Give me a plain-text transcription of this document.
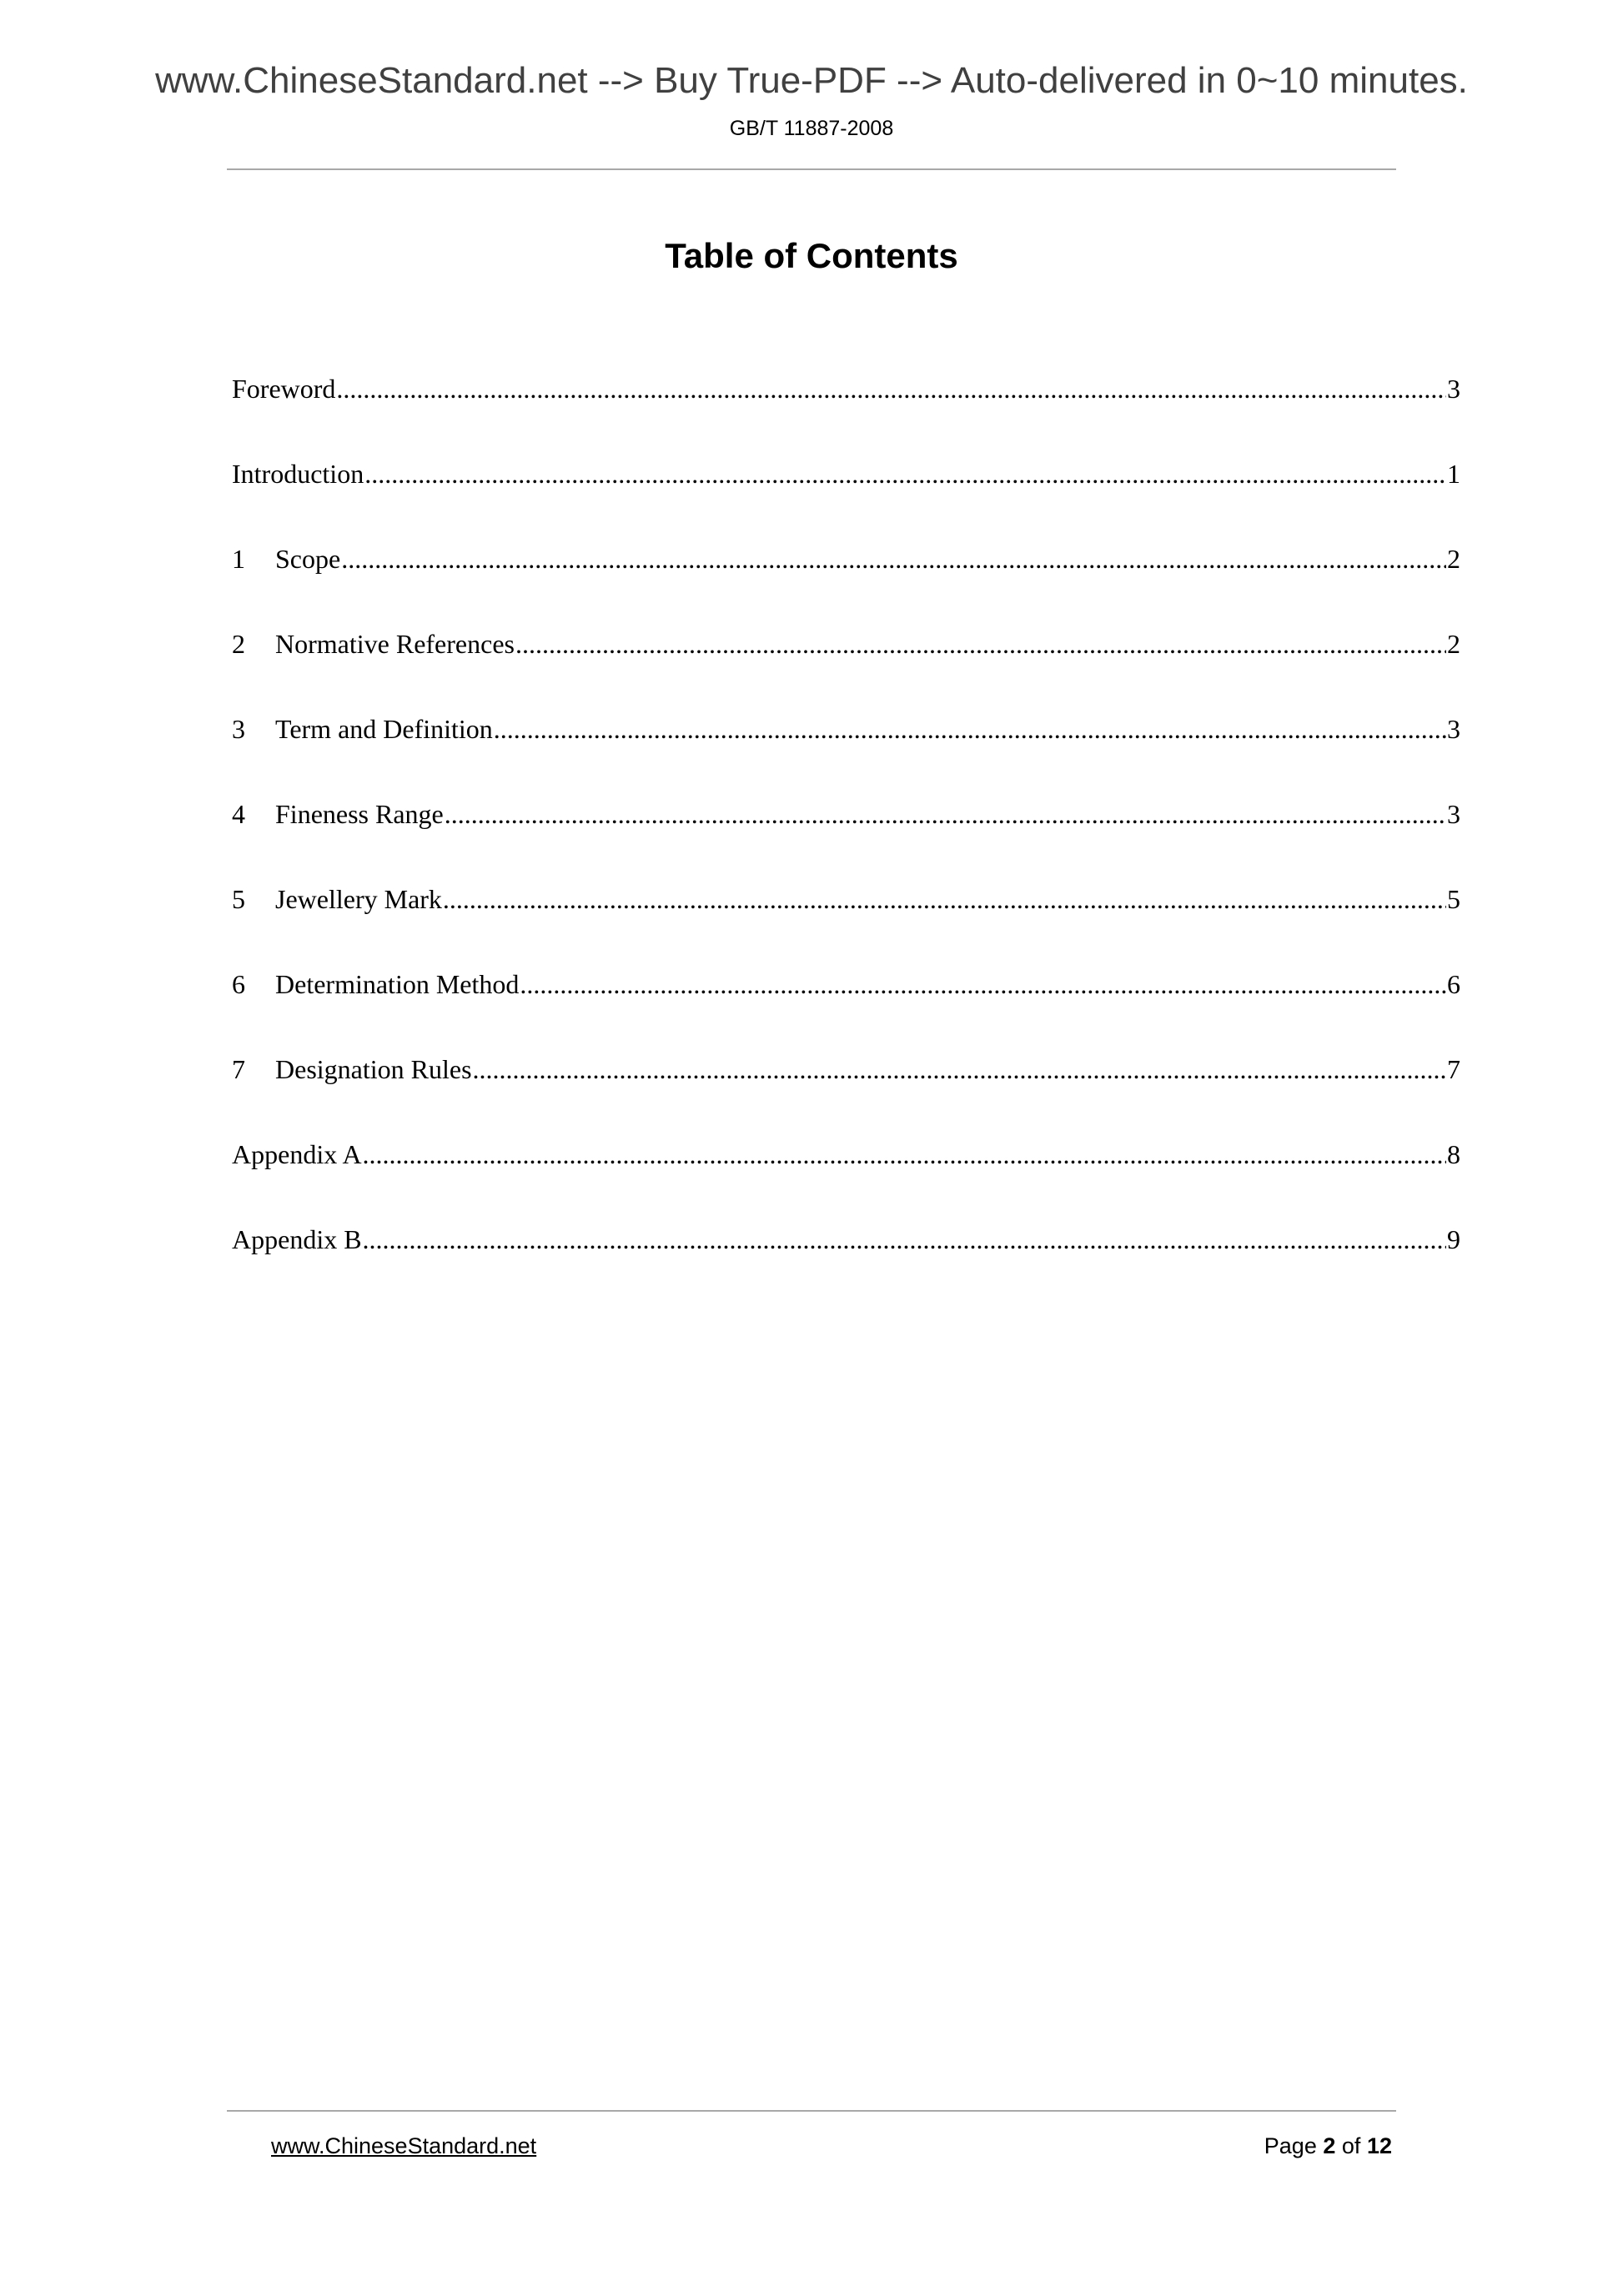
www.ChineseStandard.net --> Buy True-PDF --> Auto-delivered in 0~10 minutes.
GB/T 11887-2008
Table of Contents
Foreword .....	3
Introduction .....	1
1	Scope .....	2
2	Normative References .....	2
3	Term and Definition .....	3
4	Fineness Range .....	3
5	Jewellery Mark .....	5
6	Determination Method .....	6
7	Designation Rules .....	7
Appendix A .....	8
Appendix B .....	9
www.ChineseStandard.net	Page 2 of 12
